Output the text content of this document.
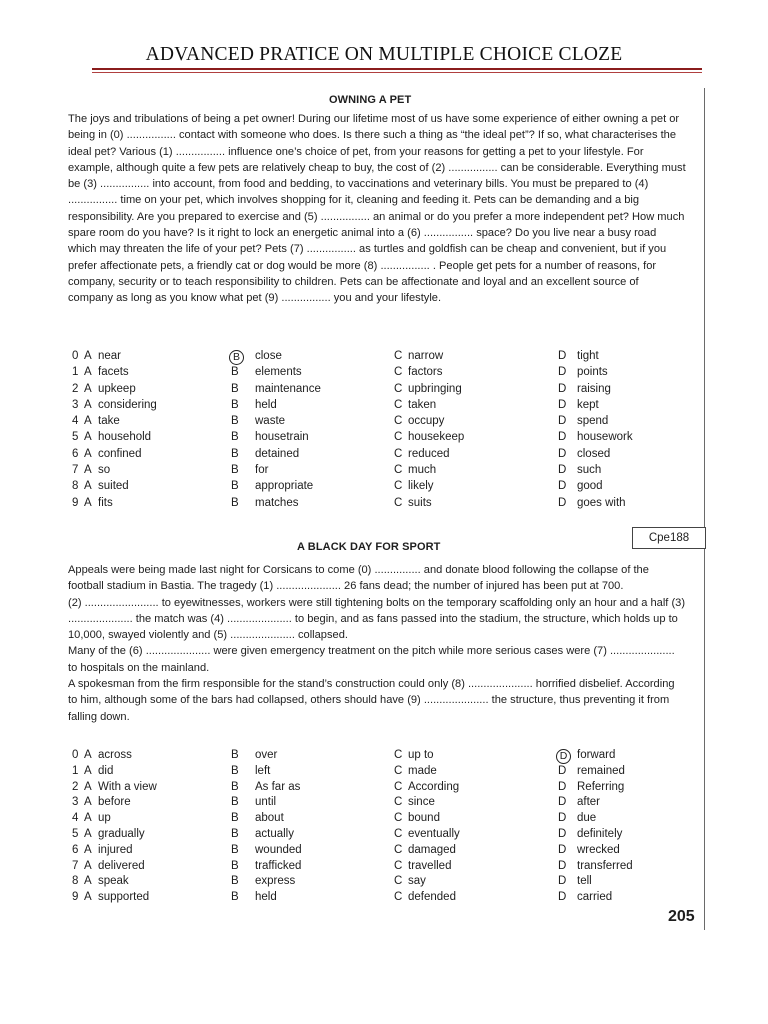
ADVANCED PRATICE ON MULTIPLE CHOICE CLOZE
OWNING A PET

The joys and tribulations of being a pet owner! During our lifetime most of us have some experience of either owning a pet or being in (0) ................ contact with someone who does. Is there such a thing as “the ideal pet”? If so, what characterises the ideal pet? Various (1) ................ influence one’s choice of pet, from your reasons for getting a pet to your lifestyle. For example, although quite a few pets are relatively cheap to buy, the cost of (2) ................ can be considerable. Everything must be (3) ................ into account, from food and bedding, to vaccinations and veterinary bills. You must be prepared to (4) ................ time on your pet, which involves shopping for it, cleaning and feeding it. Pets can be demanding and a big responsibility. Are you prepared to exercise and (5) ................ an animal or do you prefer a more independent pet? How much spare room do you have? Is it right to lock an energetic animal into a (6) ................ space? Do you live near a busy road which may threaten the life of your pet? Pets (7) ................ as turtles and goldfish can be cheap and convenient, but if you prefer affectionate pets, a friendly cat or dog would be more (8) ................ . People get pets for a number of reasons, for company, security or to teach responsibility to children. Pets can be affectionate and loyal and an excellent source of company as long as you know what pet (9) ................ you and your lifestyle.

0 A near	B	close	C narrow	D tight
1 A facets	B elements	C factors	D points
2 A upkeep	B maintenance	C upbringing	D raising
3 A considering	B held	C taken	D kept
4 A take	B waste	C occupy	D spend
5 A household	B housetrain	C housekeep	D housework
6 A confined	B detained	C reduced	D closed
7 A so	B for	C much	D such
8 A suited	B appropriate	C likely	D good
9 A fits	B matches	C suits	D goes with
Cpe188
A BLACK DAY FOR SPORT

Appeals were being made last night for Corsicans to come (0) ............... and donate blood following the collapse of the football stadium in Bastia. The tragedy (1) ..................... 26 fans dead; the number of injured has been put at 700.

(2) ........................ to eyewitnesses, workers were still tightening bolts on the temporary scaffolding only an hour and a half (3) ..................... the match was (4) ..................... to begin, and as fans passed into the stadium, the structure, which holds up to 10,000, swayed violently and (5) ..................... collapsed.

Many of the (6) ..................... were given emergency treatment on the pitch while more serious cases were (7) ..................... to hospitals on the mainland.

A spokesman from the firm responsible for the stand’s construction could only (8) ..................... horrified disbelief. According to him, although some of the bars had collapsed, others should have (9) ..................... the structure, thus preventing it from falling down.

0 A across	B over	C up to	D forward
1 A did	B left	C made	D remained
2 A With a view	B As far as	C According	D Referring
3 A before	B until	C since	D after
4 A up	B about	C bound	D due
5 A gradually	B actually	C eventually	D definitely
6 A injured	B wounded	C damaged	D wrecked
7 A delivered	B trafficked	C travelled	D transferred
8 A speak	B express	C say	D tell
9 A supported	B held	C defended	D carried
205
